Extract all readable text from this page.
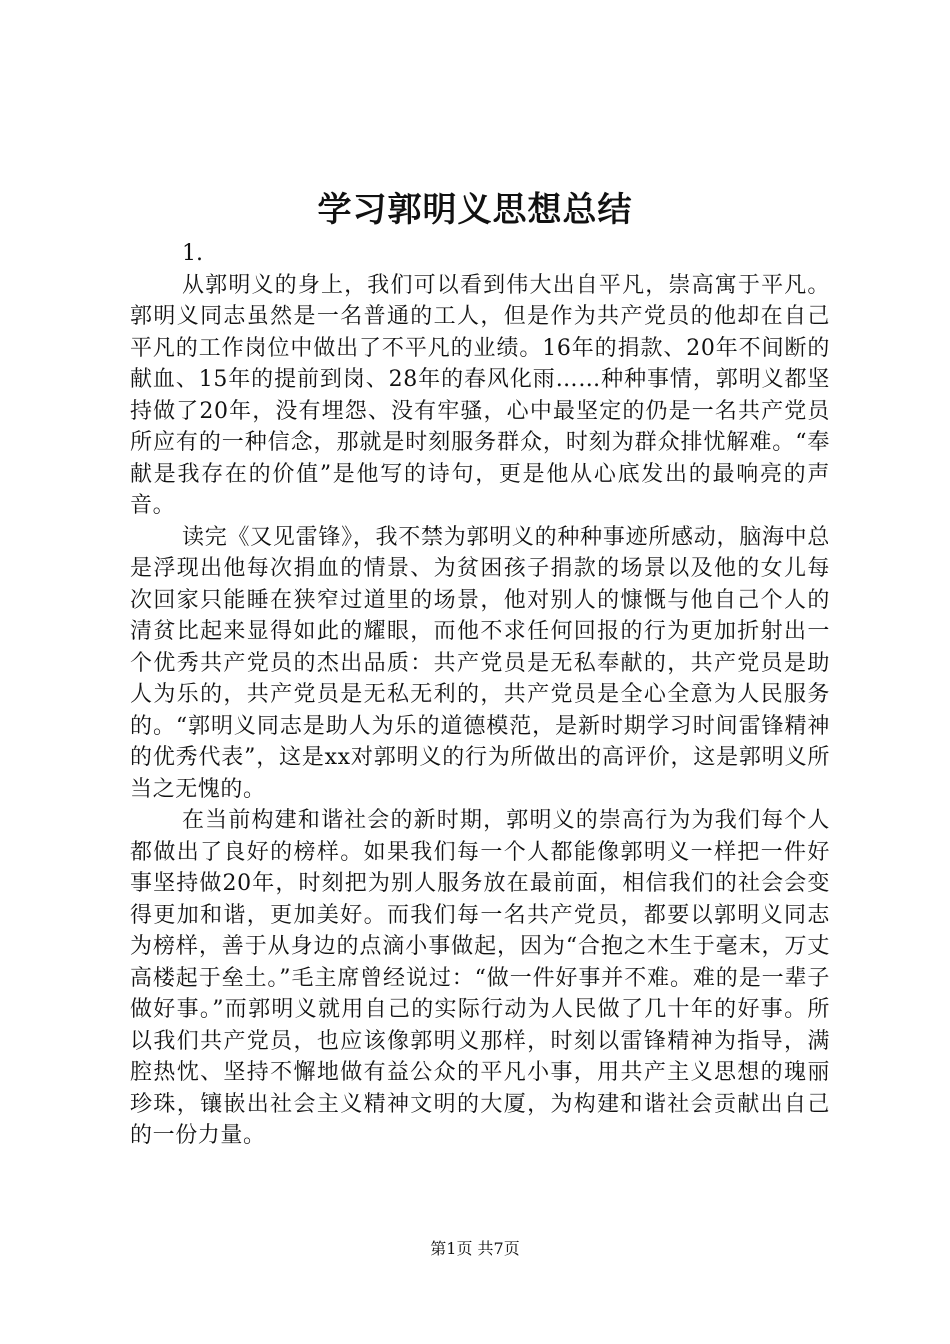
学习郭明义思想总结

1.

从郭明义的身上，我们可以看到伟大出自平凡，崇高寓于平凡。郭明义同志虽然是一名普通的工人，但是作为共产党员的他却在自己平凡的工作岗位中做出了不平凡的业绩。16年的捐款、20年不间断的献血、15年的提前到岗、28年的春风化雨……种种事情，郭明义都坚持做了20年，没有埋怨、没有牢骚，心中最坚定的仍是一名共产党员所应有的一种信念，那就是时刻服务群众，时刻为群众排忧解难。“奉献是我存在的价值”是他写的诗句，更是他从心底发出的最响亮的声音。

读完《又见雷锋》，我不禁为郭明义的种种事迹所感动，脑海中总是浮现出他每次捐血的情景、为贫困孩子捐款的场景以及他的女儿每次回家只能睡在狭窄过道里的场景，他对别人的慷慨与他自己个人的清贫比起来显得如此的耀眼，而他不求任何回报的行为更加折射出一个优秀共产党员的杰出品质：共产党员是无私奉献的，共产党员是助人为乐的，共产党员是无私无利的，共产党员是全心全意为人民服务的。“郭明义同志是助人为乐的道德模范，是新时期学习时间雷锋精神的优秀代表”，这是xx对郭明义的行为所做出的高评价，这是郭明义所当之无愧的。

在当前构建和谐社会的新时期，郭明义的崇高行为为我们每个人都做出了良好的榜样。如果我们每一个人都能像郭明义一样把一件好事坚持做20年，时刻把为别人服务放在最前面，相信我们的社会会变得更加和谐，更加美好。而我们每一名共产党员，都要以郭明义同志为榜样，善于从身边的点滴小事做起，因为“合抱之木生于毫末，万丈高楼起于垒土。”毛主席曾经说过：“做一件好事并不难。难的是一辈子做好事。”而郭明义就用自己的实际行动为人民做了几十年的好事。所以我们共产党员，也应该像郭明义那样，时刻以雷锋精神为指导，满腔热忱、坚持不懈地做有益公众的平凡小事，用共产主义思想的瑰丽珍珠，镶嵌出社会主义精神文明的大厦，为构建和谐社会贡献出自己的一份力量。

第1页 共7页
